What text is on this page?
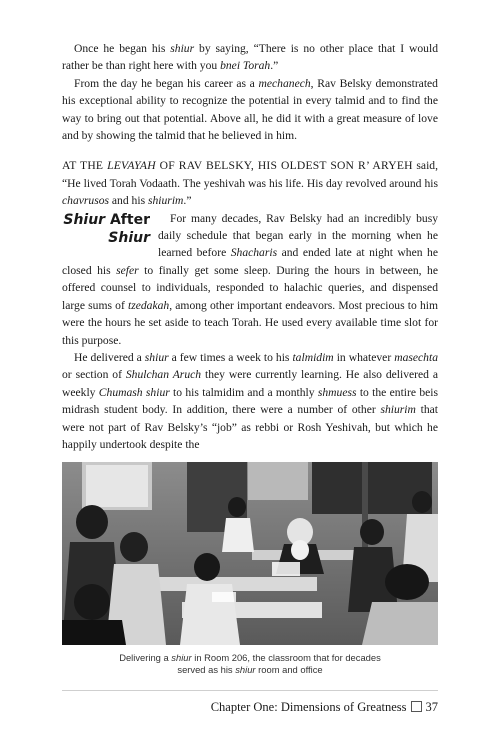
Once he began his shiur by saying, “There is no other place that I would rather be than right here with you bnei Torah.”

From the day he began his career as a mechanech, Rav Belsky demonstrated his exceptional ability to recognize the potential in every talmid and to find the way to bring out that potential. Above all, he did it with a great measure of love and by showing the talmid that he believed in him.

AT THE LEVAYAH OF RAV BELSKY, HIS OLDEST SON R’ ARYEH said, “He lived Torah Vodaath. The yeshivah was his life. His day revolved around his chavrusos and his shiurim.”

Shiur After
Shiur

For many decades, Rav Belsky had an incredibly busy daily schedule that began early in the morning when he learned before Shacharis and ended late at night when he closed his sefer to finally get some sleep. During the hours in between, he offered counsel to individuals, responded to halachic queries, and dispensed large sums of tzedakah, among other important endeavors. Most precious to him were the hours he set aside to teach Torah. He used every available time slot for this purpose.

He delivered a shiur a few times a week to his talmidim in whatever masechta or section of Shulchan Aruch they were currently learning. He also delivered a weekly Chumash shiur to his talmidim and a monthly shmuess to the entire beis midrash student body. In addition, there were a number of other shiurim that were not part of Rav Belsky’s “job” as rebbi or Rosh Yeshivah, but which he happily undertook despite the

Delivering a shiur in Room 206, the classroom that for decades
served as his shiur room and office
Chapter One: Dimensions of Greatness 37
